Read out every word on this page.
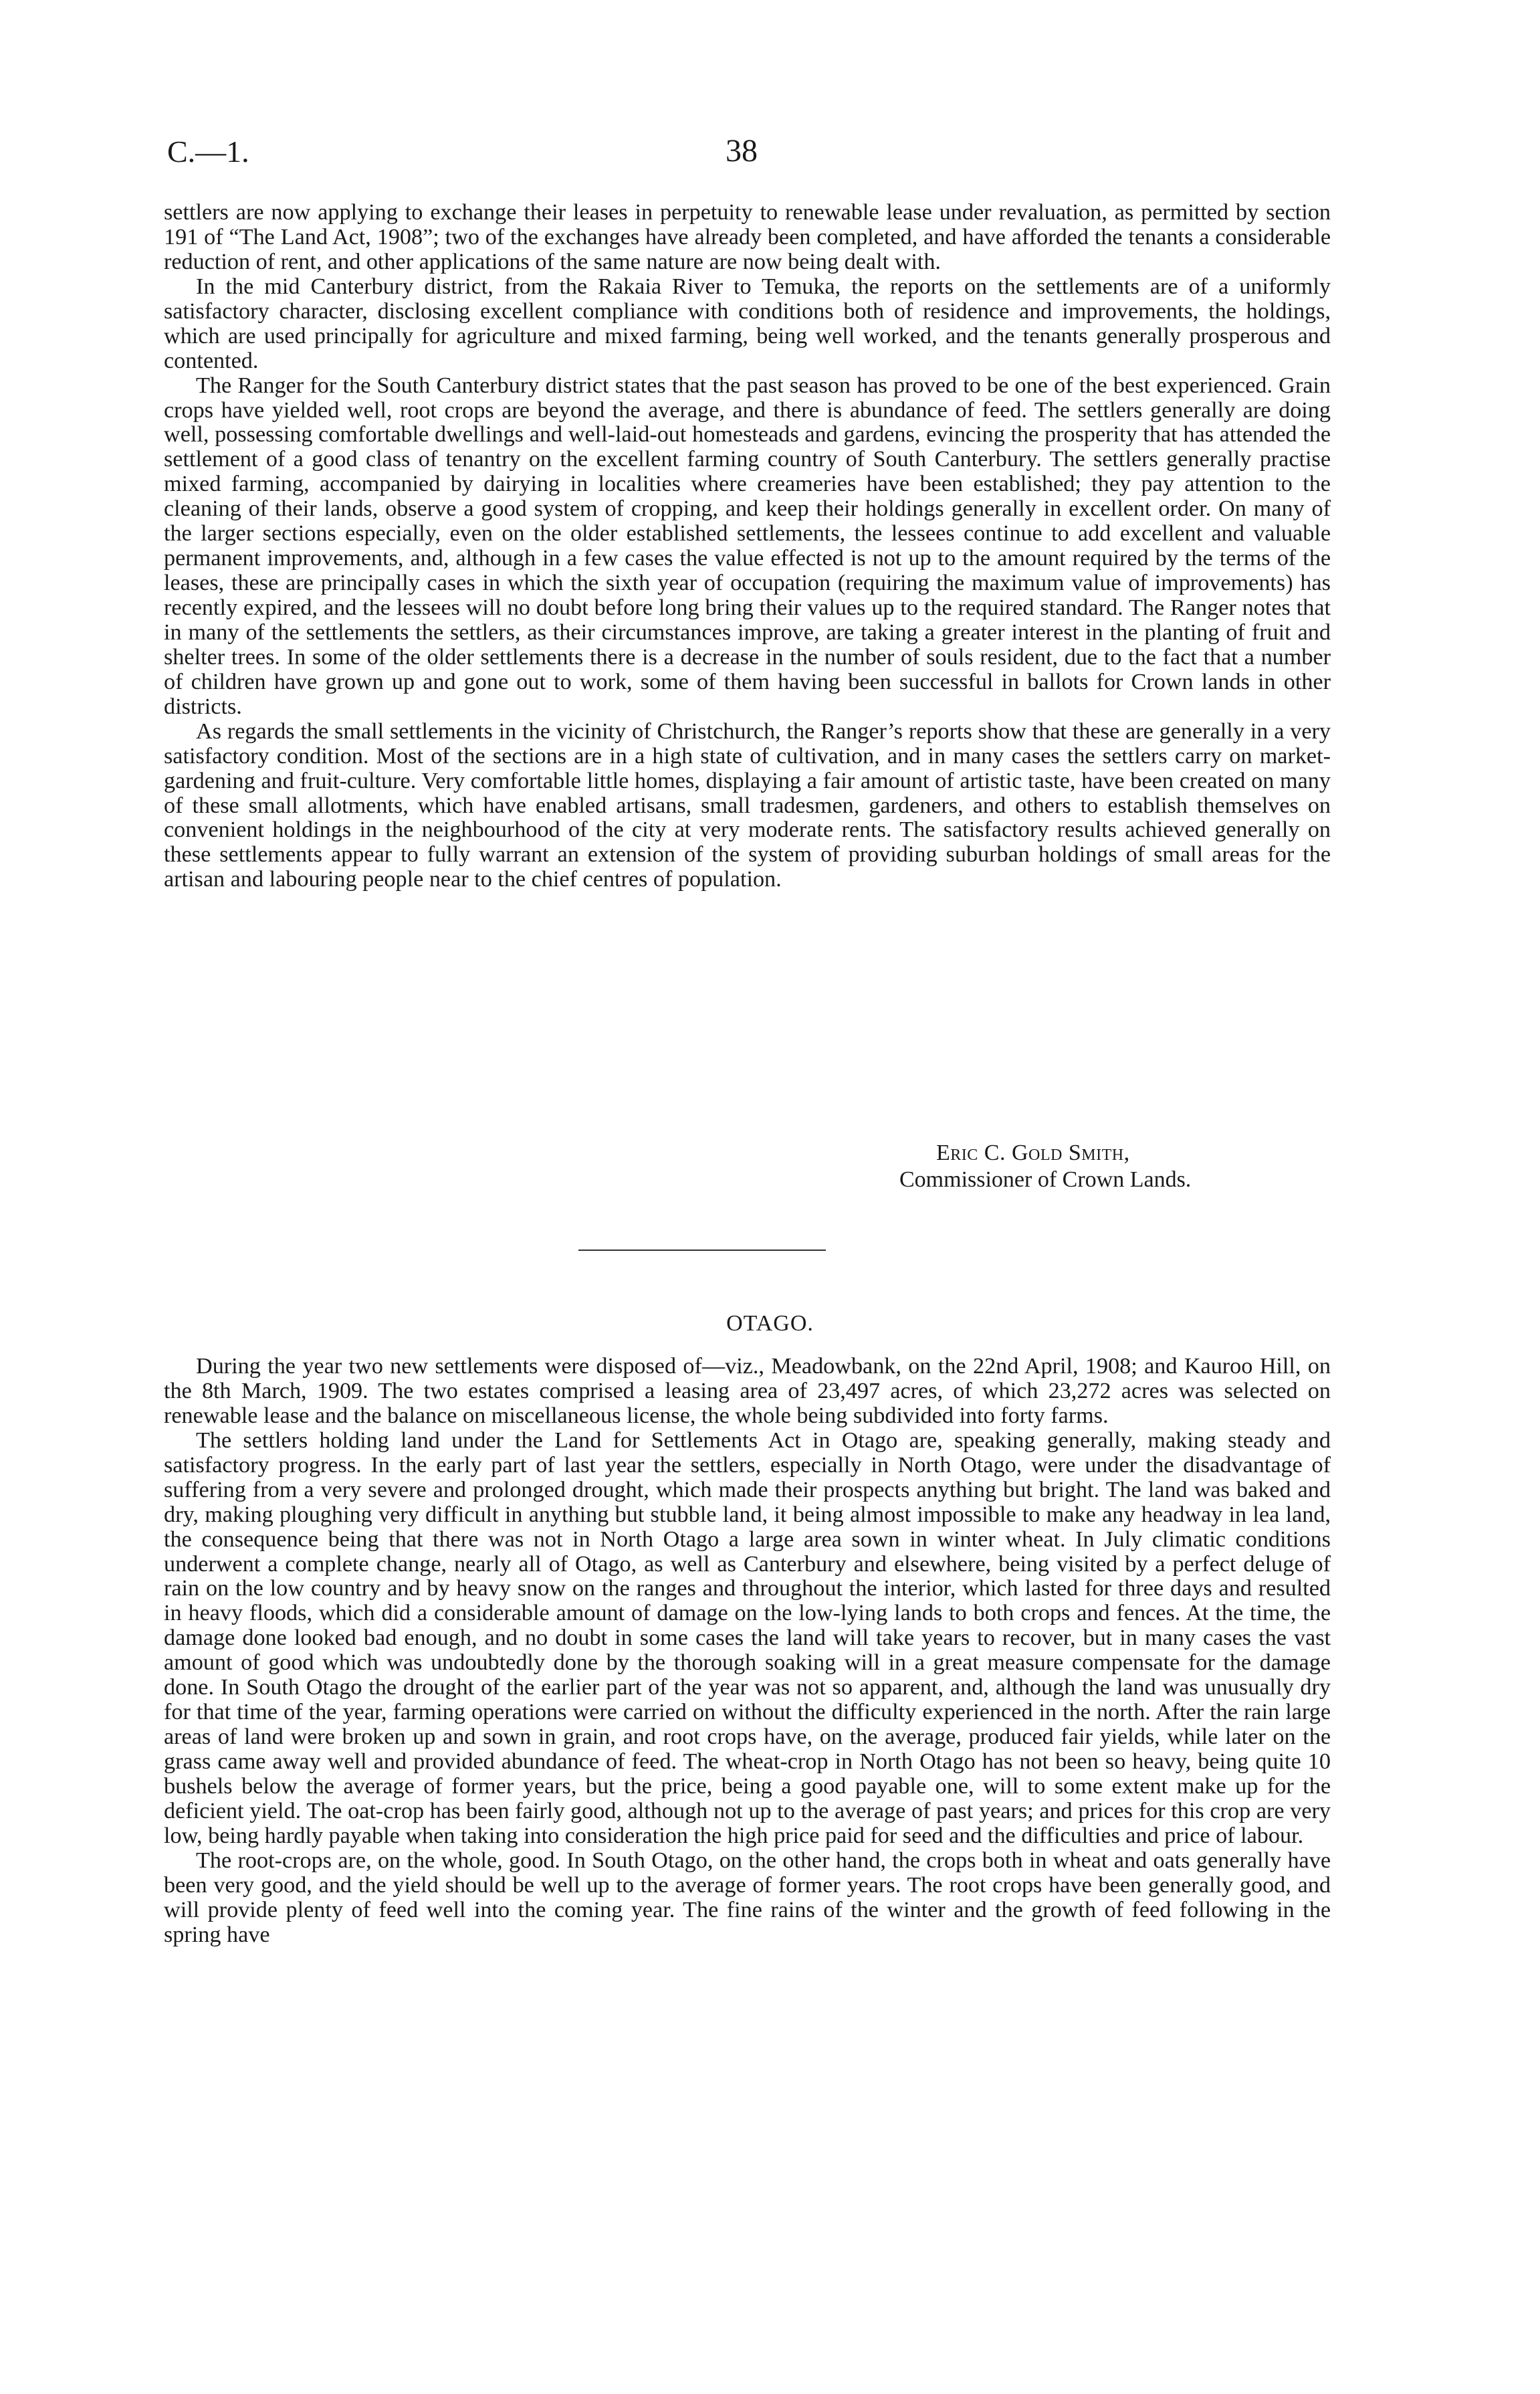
C.—1.	38

settlers are now applying to exchange their leases in perpetuity to renewable lease under revaluation, as permitted by section 191 of “The Land Act, 1908”; two of the exchanges have already been completed, and have afforded the tenants a considerable reduction of rent, and other applications of the same nature are now being dealt with.

In the mid Canterbury district, from the Rakaia River to Temuka, the reports on the settlements are of a uniformly satisfactory character, disclosing excellent compliance with conditions both of residence and improvements, the holdings, which are used principally for agriculture and mixed farming, being well worked, and the tenants generally prosperous and contented.

The Ranger for the South Canterbury district states that the past season has proved to be one of the best experienced. Grain crops have yielded well, root crops are beyond the average, and there is abundance of feed. The settlers generally are doing well, possessing comfortable dwellings and well-laid-out homesteads and gardens, evincing the prosperity that has attended the settlement of a good class of tenantry on the excellent farming country of South Canterbury. The settlers generally practise mixed farming, accompanied by dairying in localities where creameries have been established; they pay attention to the cleaning of their lands, observe a good system of cropping, and keep their holdings generally in excellent order. On many of the larger sections especially, even on the older established settlements, the lessees continue to add excellent and valuable permanent improvements, and, although in a few cases the value effected is not up to the amount required by the terms of the leases, these are principally cases in which the sixth year of occupation (requiring the maximum value of improvements) has recently expired, and the lessees will no doubt before long bring their values up to the required standard. The Ranger notes that in many of the settlements the settlers, as their circumstances improve, are taking a greater interest in the planting of fruit and shelter trees. In some of the older settlements there is a decrease in the number of souls resident, due to the fact that a number of children have grown up and gone out to work, some of them having been successful in ballots for Crown lands in other districts.

As regards the small settlements in the vicinity of Christchurch, the Ranger’s reports show that these are generally in a very satisfactory condition. Most of the sections are in a high state of cultivation, and in many cases the settlers carry on market-gardening and fruit-culture. Very comfortable little homes, displaying a fair amount of artistic taste, have been created on many of these small allotments, which have enabled artisans, small tradesmen, gardeners, and others to establish themselves on convenient holdings in the neighbourhood of the city at very moderate rents. The satisfactory results achieved generally on these settlements appear to fully warrant an extension of the system of providing suburban holdings of small areas for the artisan and labouring people near to the chief centres of population.

Eric C. Gold Smith,
Commissioner of Crown Lands.
OTAGO.

During the year two new settlements were disposed of—viz., Meadowbank, on the 22nd April, 1908; and Kauroo Hill, on the 8th March, 1909. The two estates comprised a leasing area of 23,497 acres, of which 23,272 acres was selected on renewable lease and the balance on miscellaneous license, the whole being subdivided into forty farms.

The settlers holding land under the Land for Settlements Act in Otago are, speaking generally, making steady and satisfactory progress. In the early part of last year the settlers, especially in North Otago, were under the disadvantage of suffering from a very severe and prolonged drought, which made their prospects anything but bright. The land was baked and dry, making ploughing very difficult in anything but stubble land, it being almost impossible to make any headway in lea land, the consequence being that there was not in North Otago a large area sown in winter wheat. In July climatic conditions underwent a complete change, nearly all of Otago, as well as Canterbury and elsewhere, being visited by a perfect deluge of rain on the low country and by heavy snow on the ranges and throughout the interior, which lasted for three days and resulted in heavy floods, which did a considerable amount of damage on the low-lying lands to both crops and fences. At the time, the damage done looked bad enough, and no doubt in some cases the land will take years to recover, but in many cases the vast amount of good which was undoubtedly done by the thorough soaking will in a great measure compensate for the damage done. In South Otago the drought of the earlier part of the year was not so apparent, and, although the land was unusually dry for that time of the year, farming operations were carried on without the difficulty experienced in the north. After the rain large areas of land were broken up and sown in grain, and root crops have, on the average, produced fair yields, while later on the grass came away well and provided abundance of feed. The wheat-crop in North Otago has not been so heavy, being quite 10 bushels below the average of former years, but the price, being a good payable one, will to some extent make up for the deficient yield. The oat-crop has been fairly good, although not up to the average of past years; and prices for this crop are very low, being hardly payable when taking into consideration the high price paid for seed and the difficulties and price of labour.

The root-crops are, on the whole, good. In South Otago, on the other hand, the crops both in wheat and oats generally have been very good, and the yield should be well up to the average of former years. The root crops have been generally good, and will provide plenty of feed well into the coming year. The fine rains of the winter and the growth of feed following in the spring have
